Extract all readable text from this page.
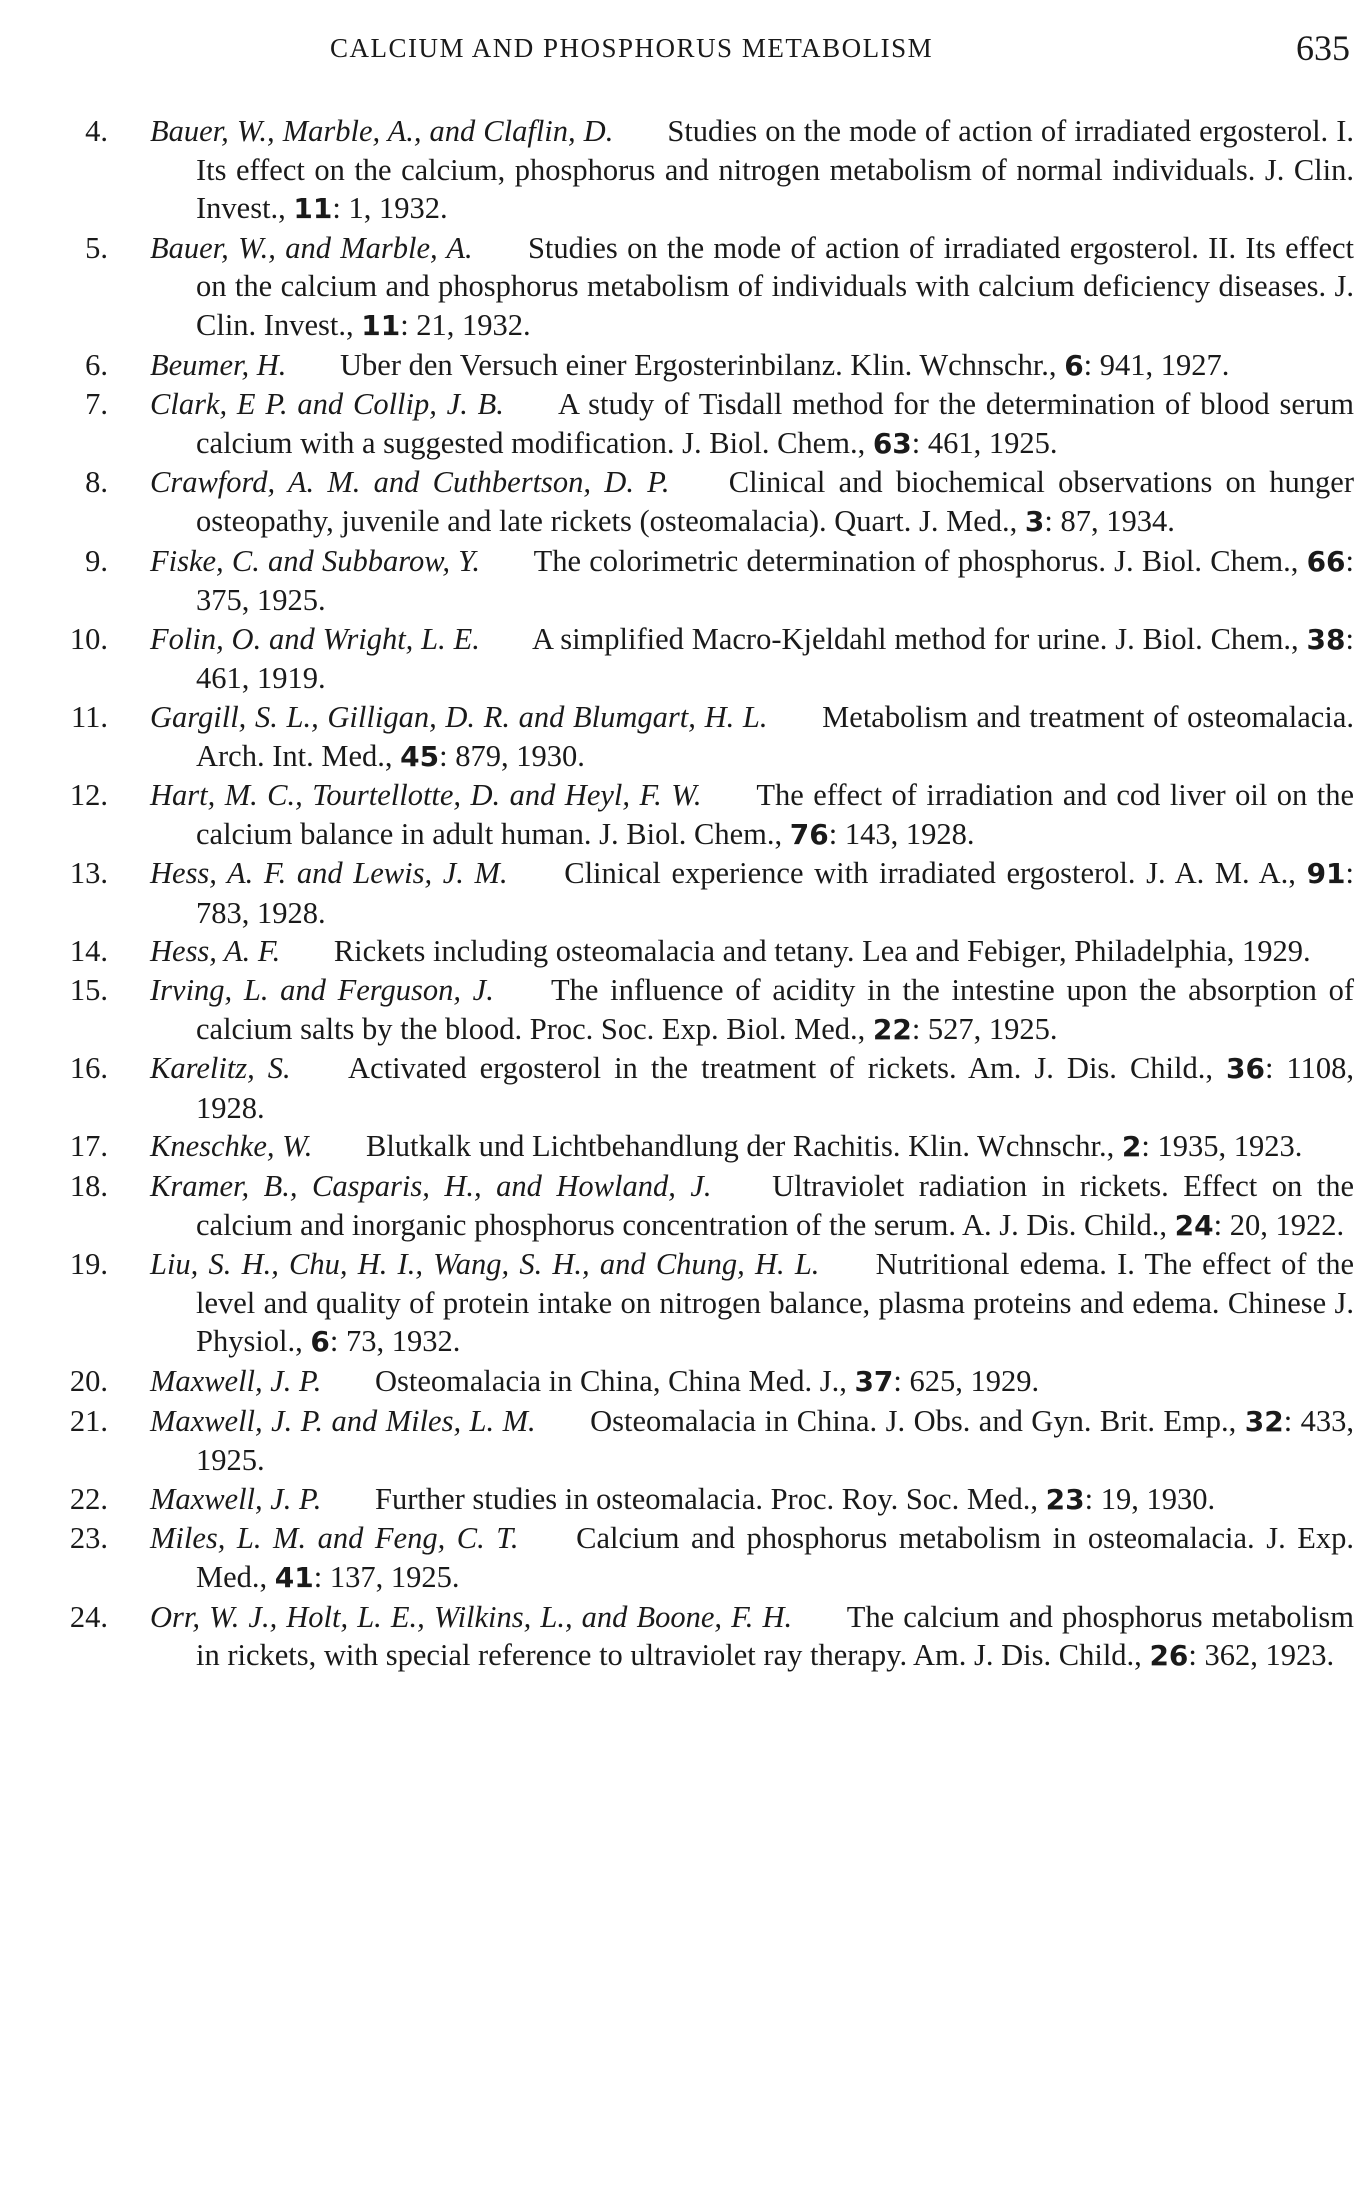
CALCIUM AND PHOSPHORUS METABOLISM	635

4. Bauer, W., Marble, A., and Claflin, D. Studies on the mode of action of irradiated ergosterol. I. Its effect on the calcium, phosphorus and nitrogen metabolism of normal individuals. J. Clin. Invest., 11: 1, 1932.

5. Bauer, W., and Marble, A. Studies on the mode of action of irradiated ergosterol. II. Its effect on the calcium and phosphorus metabolism of individuals with calcium deficiency diseases. J. Clin. Invest., 11: 21, 1932.

6. Beumer, H. Uber den Versuch einer Ergosterinbilanz. Klin. Wchnschr., 6: 941, 1927.

7. Clark, E P. and Collip, J. B. A study of Tisdall method for the determination of blood serum calcium with a suggested modification. J. Biol. Chem., 63: 461, 1925.

8. Crawford, A. M. and Cuthbertson, D. P. Clinical and biochemical observations on hunger osteopathy, juvenile and late rickets (osteomalacia). Quart. J. Med., 3: 87, 1934.

9. Fiske, C. and Subbarow, Y. The colorimetric determination of phosphorus. J. Biol. Chem., 66: 375, 1925.

10. Folin, O. and Wright, L. E. A simplified Macro-Kjeldahl method for urine. J. Biol. Chem., 38: 461, 1919.

11. Gargill, S. L., Gilligan, D. R. and Blumgart, H. L. Metabolism and treatment of osteomalacia. Arch. Int. Med., 45: 879, 1930.

12. Hart, M. C., Tourtellotte, D. and Heyl, F. W. The effect of irradiation and cod liver oil on the calcium balance in adult human. J. Biol. Chem., 76: 143, 1928.

13. Hess, A. F. and Lewis, J. M. Clinical experience with irradiated ergosterol. J. A. M. A., 91: 783, 1928.

14. Hess, A. F. Rickets including osteomalacia and tetany. Lea and Febiger, Philadelphia, 1929.

15. Irving, L. and Ferguson, J. The influence of acidity in the intestine upon the absorption of calcium salts by the blood. Proc. Soc. Exp. Biol. Med., 22: 527, 1925.

16. Karelitz, S. Activated ergosterol in the treatment of rickets. Am. J. Dis. Child., 36: 1108, 1928.

17. Kneschke, W. Blutkalk und Lichtbehandlung der Rachitis. Klin. Wchnschr., 2: 1935, 1923.

18. Kramer, B., Casparis, H., and Howland, J. Ultraviolet radiation in rickets. Effect on the calcium and inorganic phosphorus concentration of the serum. A. J. Dis. Child., 24: 20, 1922.

19. Liu, S. H., Chu, H. I., Wang, S. H., and Chung, H. L. Nutritional edema. I. The effect of the level and quality of protein intake on nitrogen balance, plasma proteins and edema. Chinese J. Physiol., 6: 73, 1932.

20. Maxwell, J. P. Osteomalacia in China, China Med. J., 37: 625, 1929.

21. Maxwell, J. P. and Miles, L. M. Osteomalacia in China. J. Obs. and Gyn. Brit. Emp., 32: 433, 1925.

22. Maxwell, J. P. Further studies in osteomalacia. Proc. Roy. Soc. Med., 23: 19, 1930.

23. Miles, L. M. and Feng, C. T. Calcium and phosphorus metabolism in osteomalacia. J. Exp. Med., 41: 137, 1925.

24. Orr, W. J., Holt, L. E., Wilkins, L., and Boone, F. H. The calcium and phosphorus metabolism in rickets, with special reference to ultraviolet ray therapy. Am. J. Dis. Child., 26: 362, 1923.
